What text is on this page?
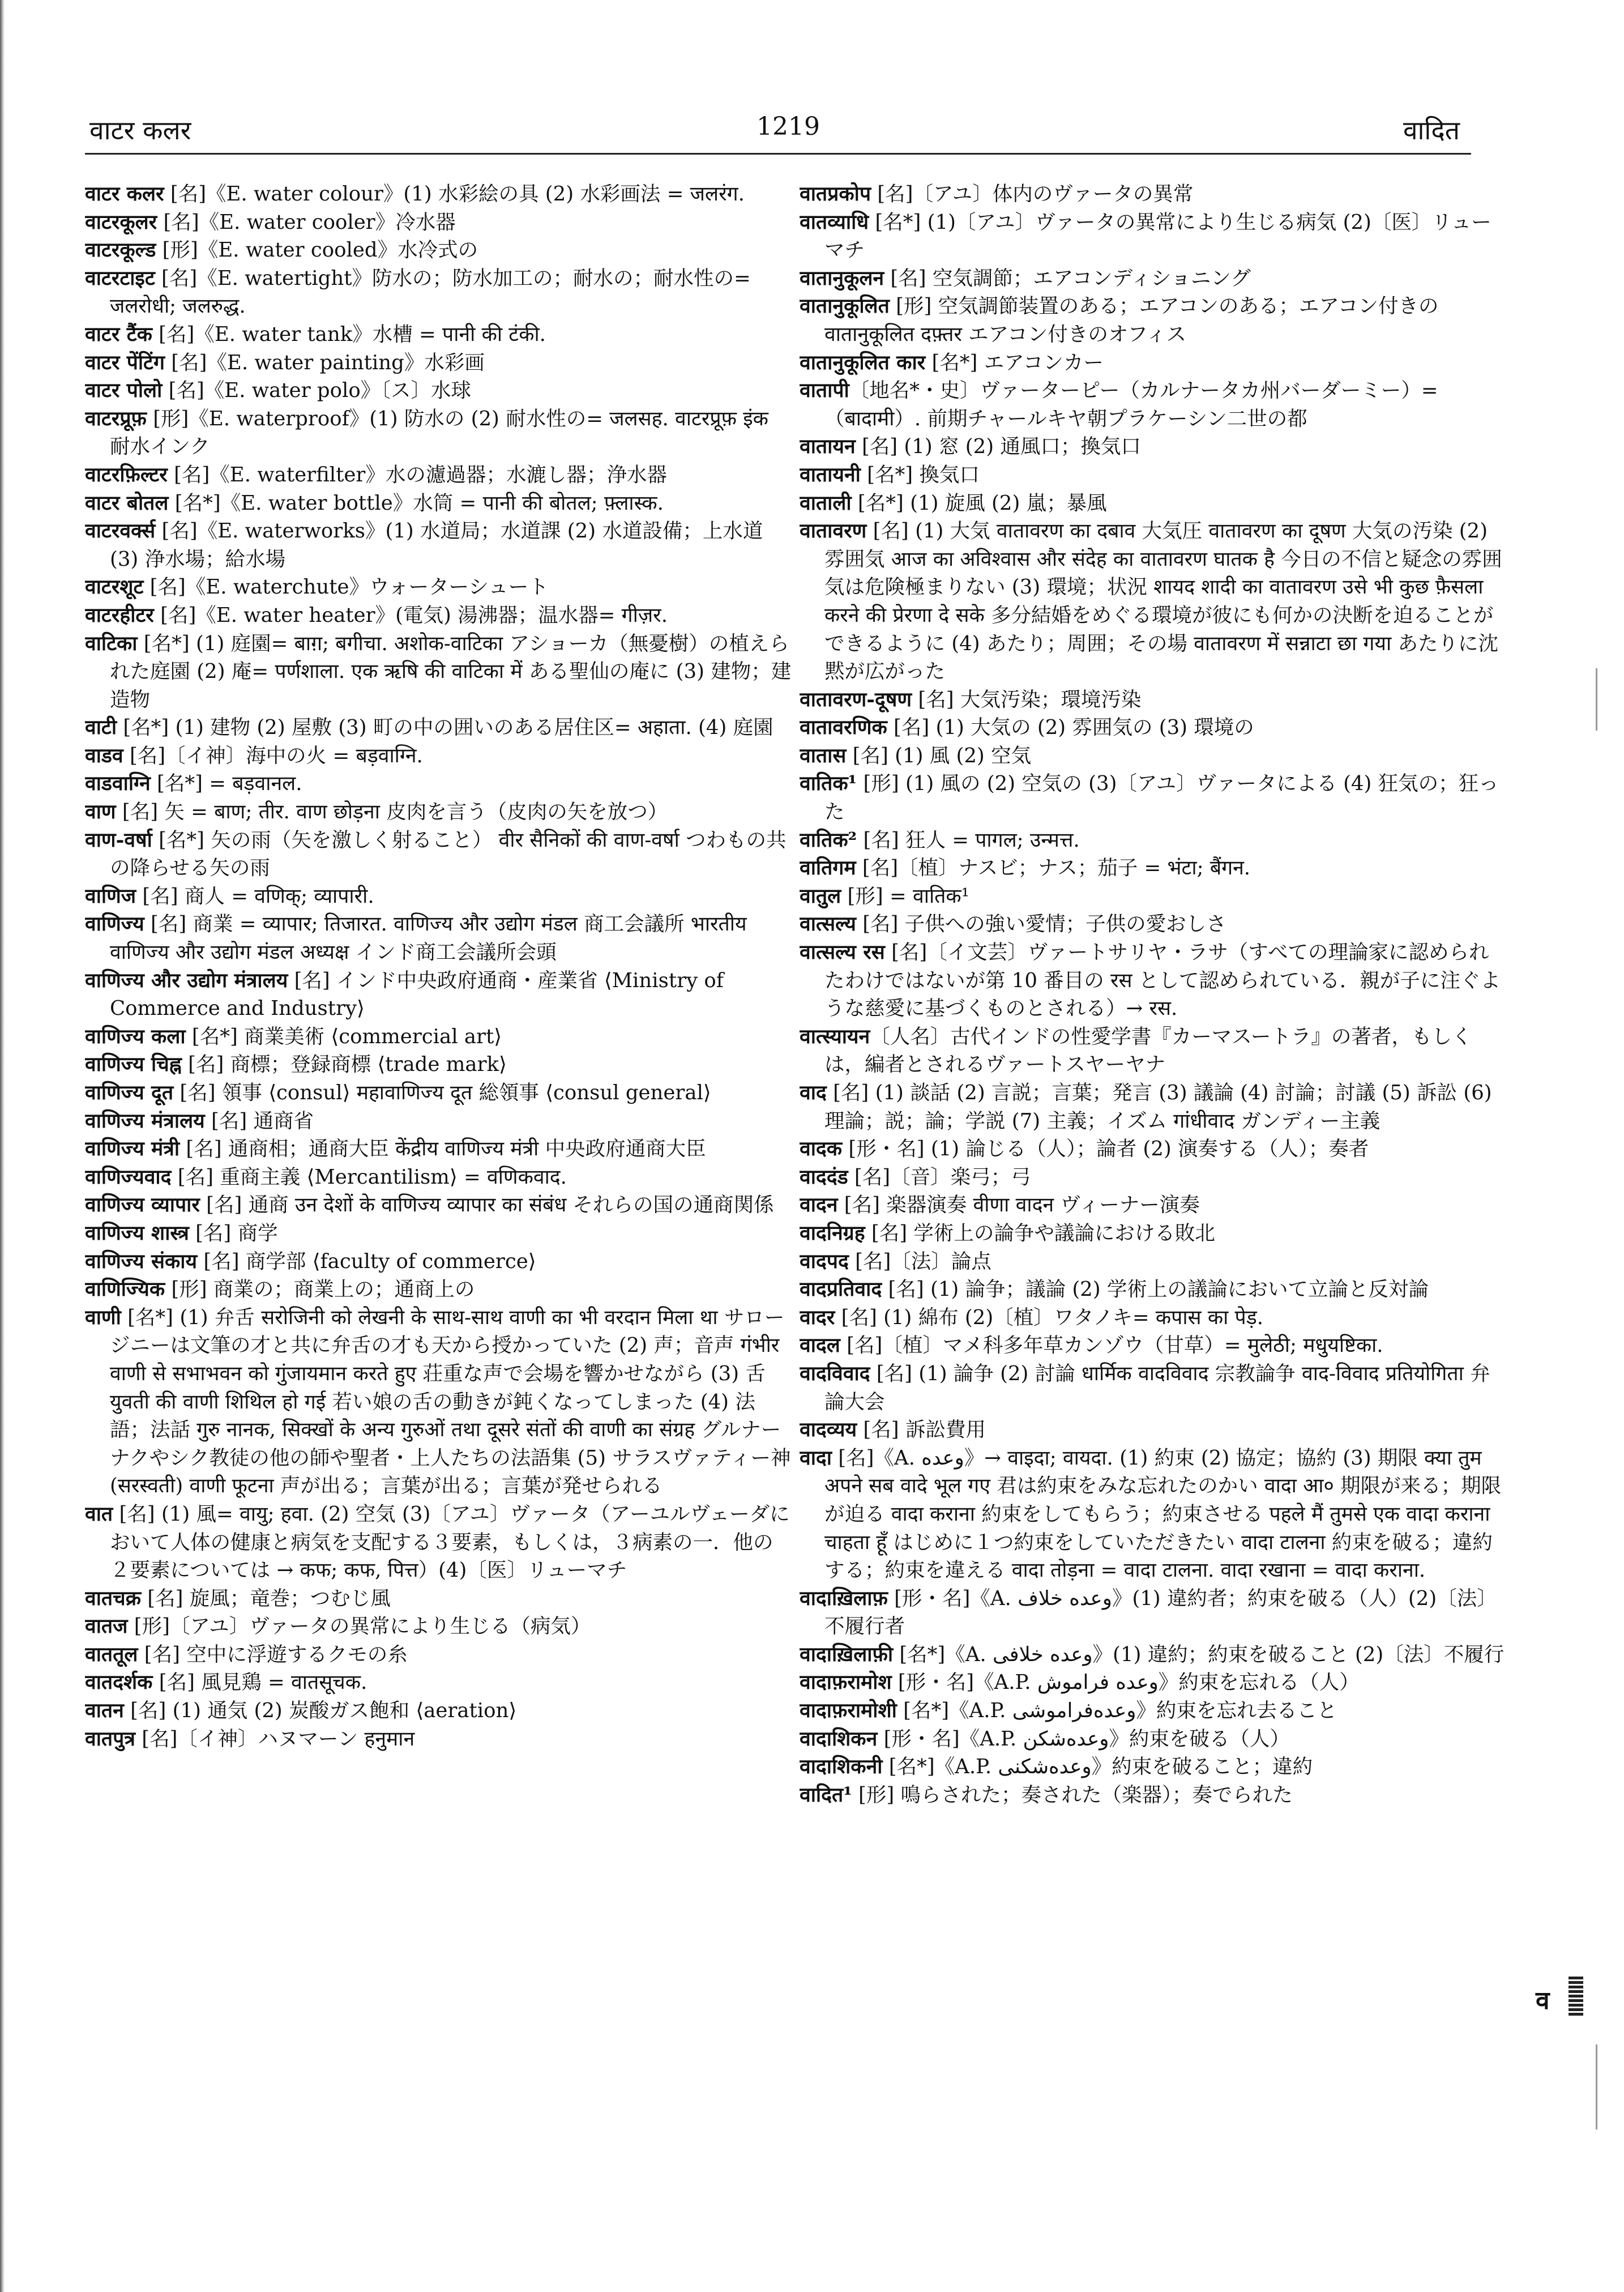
वाटर कलर	1219	वादित
वाटर कलर [名]《E. water colour》(1) 水彩絵の具 (2) 水彩画法 = जलरंग.
वाटरकूलर [名]《E. water cooler》冷水器
वाटरकूल्ड [形]《E. water cooled》水冷式の
वाटरटाइट [名]《E. watertight》防水の；防水加工の；耐水の；耐水性の= जलरोधी; जलरुद्ध.
वाटर टैंक [名]《E. water tank》水槽 = पानी की टंकी.
वाटर पेंटिंग [名]《E. water painting》水彩画
वाटर पोलो [名]《E. water polo》〔ス〕水球
वाटरप्रूफ़ [形]《E. waterproof》(1) 防水の (2) 耐水性の= जलसह. वाटरप्रूफ़ इंक 耐水インク
वाटरफ़िल्टर [名]《E. waterfilter》水の濾過器；水漉し器；浄水器
वाटर बोतल [名*]《E. water bottle》水筒 = पानी की बोतल; फ़्लास्क.
वाटरवर्क्स [名]《E. waterworks》(1) 水道局；水道課 (2) 水道設備；上水道 (3) 浄水場；給水場
वाटरशूट [名]《E. waterchute》ウォーターシュート
वाटरहीटर [名]《E. water heater》(電気) 湯沸器；温水器= गीज़र.
वाटिका [名*] (1) 庭園= बाग़; बगीचा. अशोक-वाटिका アショーカ（無憂樹）の植えられた庭園 (2) 庵= पर्णशाला. एक ऋषि की वाटिका में ある聖仙の庵に (3) 建物；建造物
वाटी [名*] (1) 建物 (2) 屋敷 (3) 町の中の囲いのある居住区= अहाता. (4) 庭園
वाडव [名]〔イ神〕海中の火 = बड़वाग्नि.
वाडवाग्नि [名*] = बड़वानल.
वाण [名] 矢 = बाण; तीर. वाण छोड़ना 皮肉を言う（皮肉の矢を放つ）
वाण-वर्षा [名*] 矢の雨（矢を激しく射ること） वीर सैनिकों की वाण-वर्षा つわもの共の降らせる矢の雨
वाणिज [名] 商人 = वणिक्; व्यापारी.
वाणिज्य [名] 商業 = व्यापार; तिजारत. वाणिज्य और उद्योग मंडल 商工会議所 भारतीय वाणिज्य और उद्योग मंडल अध्यक्ष インド商工会議所会頭
वाणिज्य और उद्योग मंत्रालय [名] インド中央政府通商・産業省 ⟨Ministry of Commerce and Industry⟩
वाणिज्य कला [名*] 商業美術 ⟨commercial art⟩
वाणिज्य चिह्न [名] 商標；登録商標 ⟨trade mark⟩
वाणिज्य दूत [名] 領事 ⟨consul⟩ महावाणिज्य दूत 総領事 ⟨consul general⟩
वाणिज्य मंत्रालय [名] 通商省
वाणिज्य मंत्री [名] 通商相；通商大臣 केंद्रीय वाणिज्य मंत्री 中央政府通商大臣
वाणिज्यवाद [名] 重商主義 ⟨Mercantilism⟩ = वणिकवाद.
वाणिज्य व्यापार [名] 通商 उन देशों के वाणिज्य व्यापार का संबंध それらの国の通商関係
वाणिज्य शास्त्र [名] 商学
वाणिज्य संकाय [名] 商学部 ⟨faculty of commerce⟩
वाणिज्यिक [形] 商業の；商業上の；通商上の
वाणी [名*] (1) 弁舌 सरोजिनी को लेखनी के साथ-साथ वाणी का भी वरदान मिला था サロージニーは文筆の才と共に弁舌の才も天から授かっていた (2) 声；音声 गंभीर वाणी से सभाभवन को गुंजायमान करते हुए 荘重な声で会場を響かせながら (3) 舌 युवती की वाणी शिथिल हो गई 若い娘の舌の動きが鈍くなってしまった (4) 法語；法話 गुरु नानक, सिक्खों के अन्य गुरुओं तथा दूसरे संतों की वाणी का संग्रह グルナーナクやシク教徒の他の師や聖者・上人たちの法語集 (5) サラスヴァティー神 (सरस्वती) वाणी फूटना 声が出る；言葉が出る；言葉が発せられる
वात [名] (1) 風= वायु; हवा. (2) 空気 (3)〔アユ〕ヴァータ（アーユルヴェーダにおいて人体の健康と病気を支配する３要素，もしくは，３病素の一．他の２要素については → कफ; कफ, पित्त）(4)〔医〕リューマチ
वातचक्र [名] 旋風；竜巻；つむじ風
वातज [形]〔アユ〕ヴァータの異常により生じる（病気）
वाततूल [名] 空中に浮遊するクモの糸
वातदर्शक [名] 風見鶏 = वातसूचक.
वातन [名] (1) 通気 (2) 炭酸ガス飽和 ⟨aeration⟩
वातपुत्र [名]〔イ神〕ハヌマーン हनुमान
वातप्रकोप [名]〔アユ〕体内のヴァータの異常
वातव्याधि [名*] (1)〔アユ〕ヴァータの異常により生じる病気 (2)〔医〕リューマチ
वातानुकूलन [名] 空気調節；エアコンディショニング
वातानुकूलित [形] 空気調節装置のある；エアコンのある；エアコン付きの वातानुकूलित दफ़्तर エアコン付きのオフィス
वातानुकूलित कार [名*] エアコンカー
वातापी〔地名*・史〕ヴァーターピー（カルナータカ州バーダーミー）=（बादामी）. 前期チャールキヤ朝プラケーシン二世の都
वातायन [名] (1) 窓 (2) 通風口；換気口
वातायनी [名*] 換気口
वाताली [名*] (1) 旋風 (2) 嵐；暴風
वातावरण [名] (1) 大気 वातावरण का दबाव 大気圧 वातावरण का दूषण 大気の汚染 (2) 雰囲気 आज का अविश्वास और संदेह का वातावरण घातक है 今日の不信と疑念の雰囲気は危険極まりない (3) 環境；状況 शायद शादी का वातावरण उसे भी कुछ फ़ैसला करने की प्रेरणा दे सके 多分結婚をめぐる環境が彼にも何かの決断を迫ることができるように (4) あたり；周囲；その場 वातावरण में सन्नाटा छा गया あたりに沈黙が広がった
वातावरण-दूषण [名] 大気汚染；環境汚染
वातावरणिक [名] (1) 大気の (2) 雰囲気の (3) 環境の
वातास [名] (1) 風 (2) 空気
वातिक¹ [形] (1) 風の (2) 空気の (3)〔アユ〕ヴァータによる (4) 狂気の；狂った
वातिक² [名] 狂人 = पागल; उन्मत्त.
वातिगम [名]〔植〕ナスビ；ナス；茄子 = भंटा; बैंगन.
वातुल [形] = वातिक¹
वात्सल्य [名] 子供への強い愛情；子供の愛おしさ
वात्सल्य रस [名]〔イ文芸〕ヴァートサリヤ・ラサ（すべての理論家に認められたわけではないが第 10 番目の रस として認められている．親が子に注ぐような慈愛に基づくものとされる）→ रस.
वात्स्यायन〔人名〕古代インドの性愛学書『カーマスートラ』の著者，もしくは，編者とされるヴァートスヤーヤナ
वाद [名] (1) 談話 (2) 言説；言葉；発言 (3) 議論 (4) 討論；討議 (5) 訴訟 (6) 理論；説；論；学説 (7) 主義；イズム गांधीवाद ガンディー主義
वादक [形・名] (1) 論じる（人）；論者 (2) 演奏する（人）；奏者
वाददंड [名]〔音〕楽弓；弓
वादन [名] 楽器演奏 वीणा वादन ヴィーナー演奏
वादनिग्रह [名] 学術上の論争や議論における敗北
वादपद [名]〔法〕論点
वादप्रतिवाद [名] (1) 論争；議論 (2) 学術上の議論において立論と反対論
वादर [名] (1) 綿布 (2)〔植〕ワタノキ= कपास का पेड़.
वादल [名]〔植〕マメ科多年草カンゾウ（甘草）= मुलेठी; मधुयष्टिका.
वादविवाद [名] (1) 論争 (2) 討論 धार्मिक वादविवाद 宗教論争 वाद-विवाद प्रतियोगिता 弁論大会
वादव्यय [名] 訴訟費用
वादा [名]《A. وعده》→ वाइदा; वायदा. (1) 約束 (2) 協定；協約 (3) 期限 क्या तुम अपने सब वादे भूल गए 君は約束をみな忘れたのかい वादा आ० 期限が来る；期限が迫る वादा कराना 約束をしてもらう；約束させる पहले मैं तुमसे एक वादा कराना चाहता हूँ はじめに１つ約束をしていただきたい वादा टालना 約束を破る；違約する；約束を違える वादा तोड़ना = वादा टालना. वादा रखाना = वादा कराना.
वादाख़िलाफ़ [形・名]《A. وعده خلاف》(1) 違約者；約束を破る（人）(2)〔法〕不履行者
वादाख़िलाफ़ी [名*]《A. وعده خلافی》(1) 違約；約束を破ること (2)〔法〕不履行
वादाफ़रामोश [形・名]《A.P. وعده فراموش》約束を忘れる（人）
वादाफ़रामोशी [名*]《A.P. وعده‌فراموشی》約束を忘れ去ること
वादाशिकन [形・名]《A.P. وعده‌شکن》約束を破る（人）
वादाशिकनी [名*]《A.P. وعده‌شکنی》約束を破ること；違約
वादित¹ [形] 鳴らされた；奏された（楽器）；奏でられた
व
